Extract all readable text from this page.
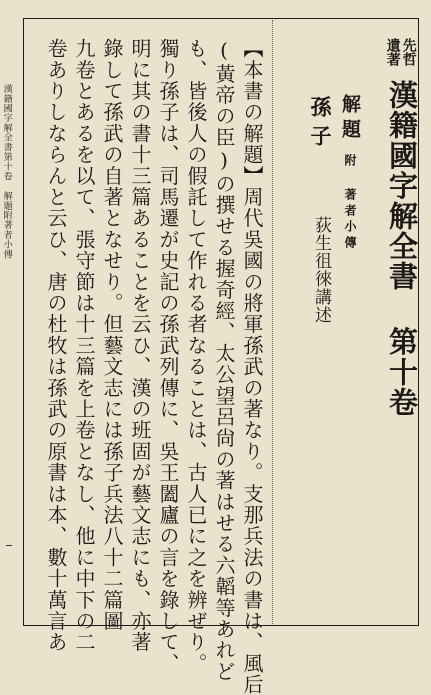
漢籍國字解全書第十卷解題附著者小傳
先哲
遺著
漢籍國字解全書 第十卷
解題附 著者小傳
孫子
荻生徂徠講述
【本書の解題】周代吳國の將軍孫武の著なり。支那兵法の書は、風后
(黃帝の臣)の撰せる握奇經、太公望呂尙の著はせる六韜等あれど
も、皆後人の假託して作れる者なることは、古人已に之を辨ぜり。
獨り孫子は、司馬遷が史記の孫武列傳に、吳王闔廬の言を錄して、
明に其の書十三篇あることを云ひ、漢の班固が藝文志にも、亦著
錄して孫武の自著となせり。但藝文志には孫子兵法八十二篇圖
九卷とあるを以て、張守節は十三篇を上卷となし、他に中下の二
卷ありしならんと云ひ、唐の杜牧は孫武の原書は本、數十萬言あ
